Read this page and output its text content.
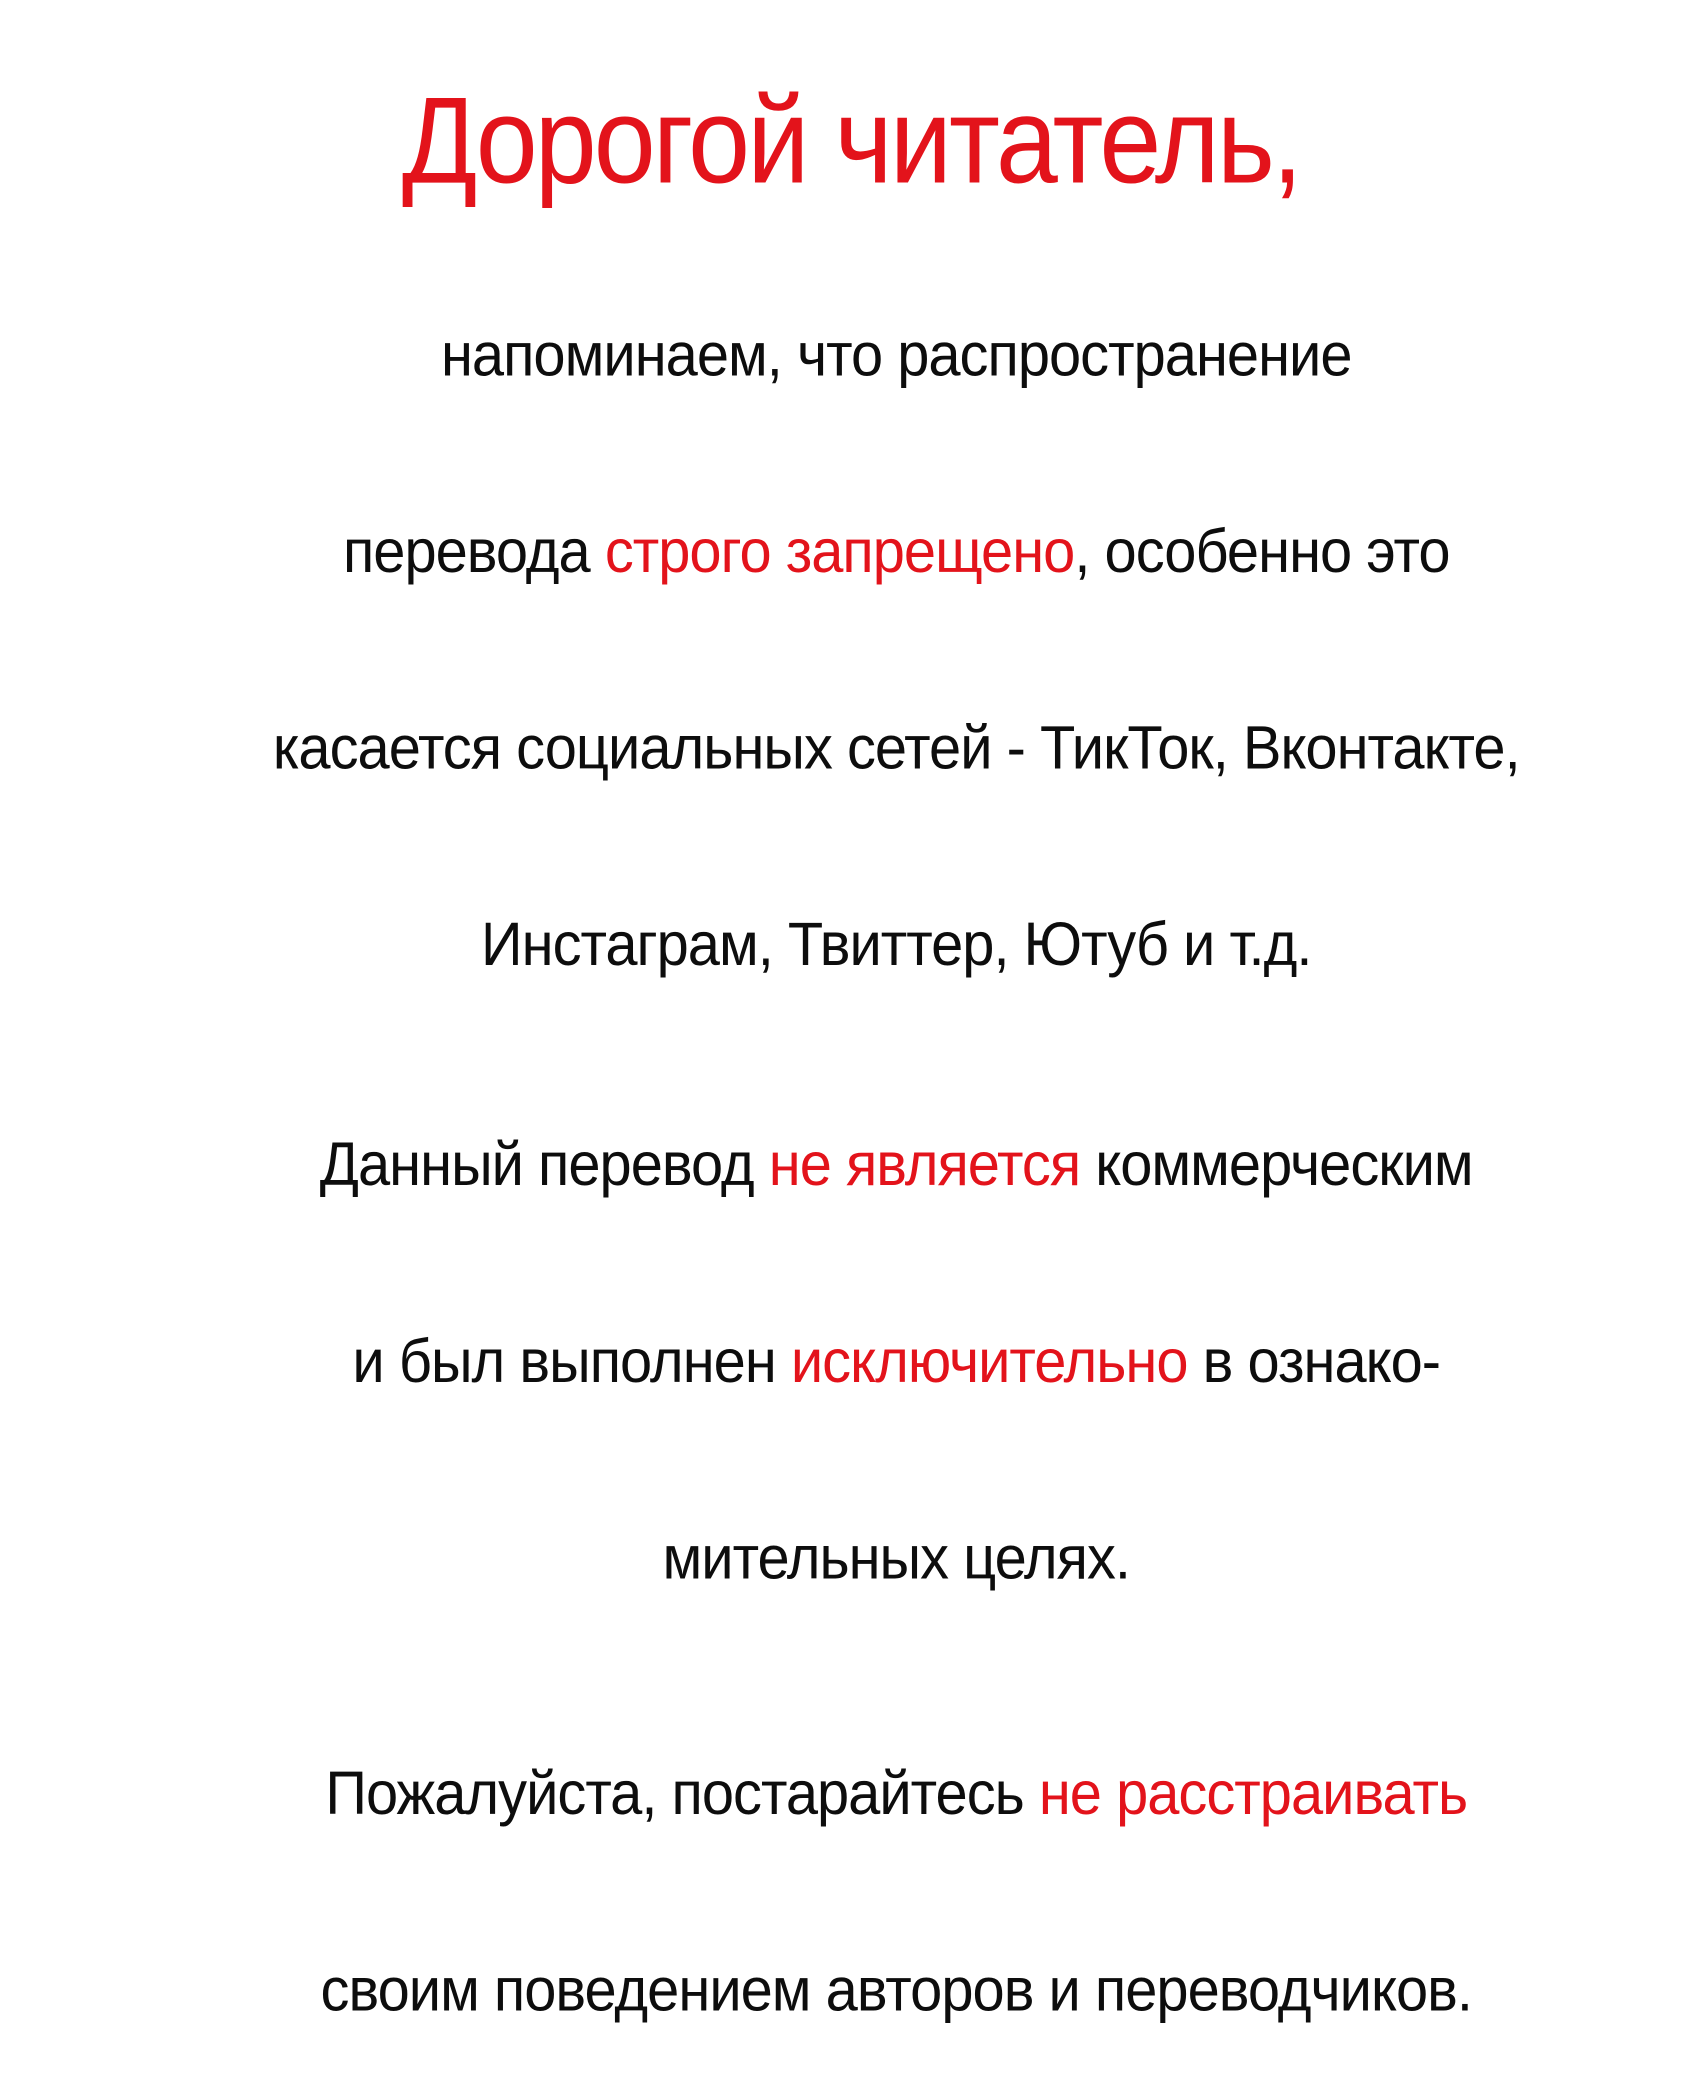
Дорогой читатель,

напоминаем, что распространение

перевода строго запрещено, особенно это

касается социальных сетей - ТикТок, Вконтакте,

Инстаграм, Твиттер, Ютуб и т.д.

Данный перевод не является коммерческим

и был выполнен исключительно в ознако-

мительных целях.

Пожалуйста, постарайтесь не расстраивать

своим поведением авторов и переводчиков.
